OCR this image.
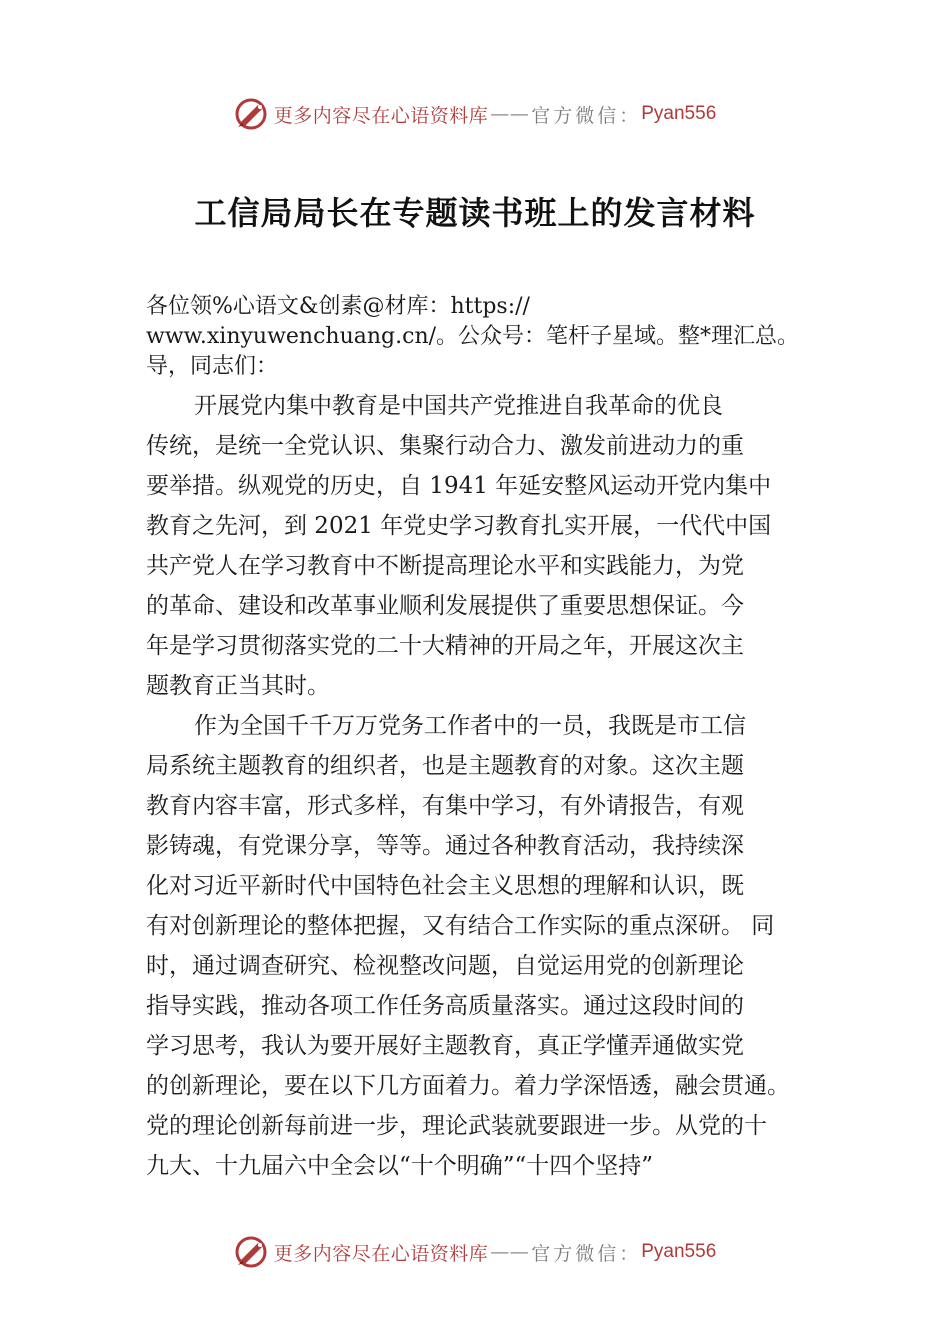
更多内容尽在心语资料库 —— 官方微信： Pyan556
工信局局长在专题读书班上的发言材料
各位领%心语文&创素@材库：https://
www.xinyuwenchuang.cn/。公众号：笔杆子星域。整*理汇总。
导，同志们：
开展党内集中教育是中国共产党推进自我革命的优良
传统，是统一全党认识、集聚行动合力、激发前进动力的重
要举措。纵观党的历史，自 1941 年延安整风运动开党内集中
教育之先河，到 2021 年党史学习教育扎实开展，一代代中国
共产党人在学习教育中不断提高理论水平和实践能力，为党
的革命、建设和改革事业顺利发展提供了重要思想保证。今
年是学习贯彻落实党的二十大精神的开局之年，开展这次主
题教育正当其时。
作为全国千千万万党务工作者中的一员，我既是市工信
局系统主题教育的组织者，也是主题教育的对象。这次主题
教育内容丰富，形式多样，有集中学习，有外请报告，有观
影铸魂，有党课分享，等等。通过各种教育活动，我持续深
化对习近平新时代中国特色社会主义思想的理解和认识，既
有对创新理论的整体把握，又有结合工作实际的重点深研。 同
时，通过调查研究、检视整改问题，自觉运用党的创新理论
指导实践，推动各项工作任务高质量落实。通过这段时间的
学习思考，我认为要开展好主题教育，真正学懂弄通做实党
的创新理论，要在以下几方面着力。着力学深悟透，融会贯通。
党的理论创新每前进一步，理论武装就要跟进一步。从党的十
九大、十九届六中全会以“十个明确”“十四个坚持”
更多内容尽在心语资料库 —— 官方微信： Pyan556
